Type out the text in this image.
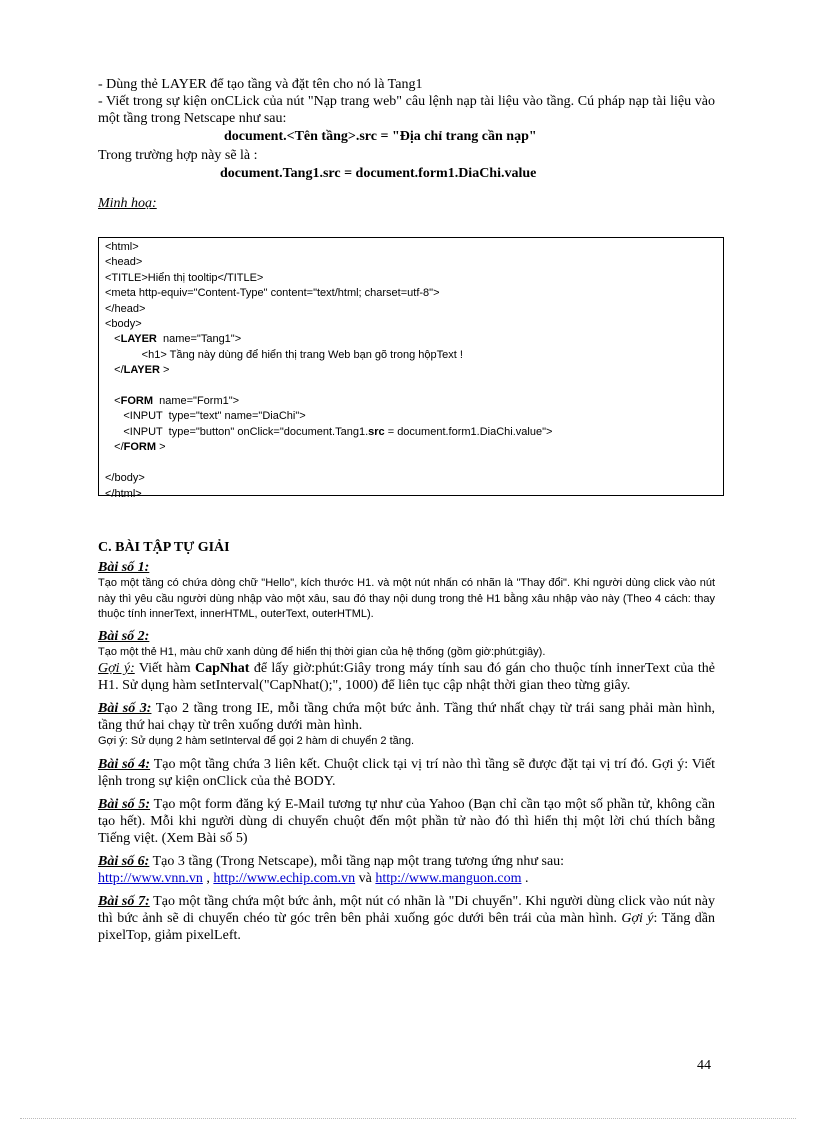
- Dùng thẻ LAYER để tạo tầng và đặt tên cho nó là Tang1

- Viết trong sự kiện onCLick của nút "Nạp trang web" câu lệnh nạp tài liệu vào tầng. Cú pháp nạp tài liệu vào một tầng trong Netscape như sau:

document.<Tên tầng>.src = "Địa chỉ trang cần nạp"

Trong trường hợp này sẽ là :

document.Tang1.src = document.form1.DiaChi.value

Minh hoạ:

<html>

<head>

<TITLE>Hiển thị tooltip</TITLE>

<meta http-equiv="Content-Type" content="text/html; charset=utf-8">

</head>

<body>

<LAYER  name="Tang1">

<h1> Tầng này dùng để hiển thị trang Web bạn gõ trong hộpText !

</LAYER >

<FORM  name="Form1">

<INPUT  type="text" name="DiaChi">

<INPUT  type="button" onClick="document.Tang1.src = document.form1.DiaChi.value">

</FORM >

</body>

</html>

C. BÀI TẬP TỰ GIẢI

Bài số 1:

Tạo một tầng có chứa dòng chữ "Hello", kích thước H1. và một nút nhấn có nhãn là "Thay đổi". Khi người dùng click vào nút này thì yêu cầu người dùng nhập vào một xâu, sau đó thay nội dung trong thẻ H1 bằng xâu nhập vào này (Theo 4 cách: thay thuộc tính innerText, innerHTML, outerText, outerHTML).

Bài số 2:

Tạo một thẻ H1, màu chữ xanh dùng để hiển thị thời gian của hệ thống (gồm giờ:phút:giây).

Gợi ý: Viết hàm CapNhat để lấy giờ:phút:Giây trong máy tính sau đó gán cho thuộc tính innerText của thẻ H1. Sử dụng hàm setInterval("CapNhat();", 1000) để liên tục cập nhật thời gian theo từng giây.

Bài số 3: Tạo 2 tầng trong IE, mỗi tầng chứa một bức ảnh. Tầng thứ nhất chạy từ trái sang phải màn hình, tầng thứ hai chạy từ trên xuống dưới màn hình.

Gợi ý: Sử dụng 2 hàm setInterval để gọi 2 hàm di chuyển 2 tầng.

Bài số 4: Tạo một tầng chứa 3 liên kết. Chuột click tại vị trí nào thì tầng sẽ được đặt tại vị trí đó. Gợi ý: Viết lệnh trong sự kiện onClick của thẻ BODY.

Bài số 5: Tạo một form đăng ký E-Mail tương tự như của Yahoo (Bạn chỉ cần tạo một số phần tử, không cần tạo hết). Mỗi khi người dùng di chuyển chuột đến một phần tử nào đó thì hiển thị một lời chú thích bằng Tiếng việt. (Xem Bài số 5)

Bài số 6: Tạo 3 tầng (Trong Netscape), mỗi tầng nạp một trang tương ứng như sau:
http://www.vnn.vn , http://www.echip.com.vn và http://www.manguon.com .

Bài số 7: Tạo một tầng chứa một bức ảnh, một nút có nhãn là "Di chuyển". Khi người dùng click vào nút này thì bức ảnh sẽ di chuyển chéo từ góc trên bên phải xuống góc dưới bên trái của màn hình. Gợi ý: Tăng dần pixelTop, giảm pixelLeft.

44
